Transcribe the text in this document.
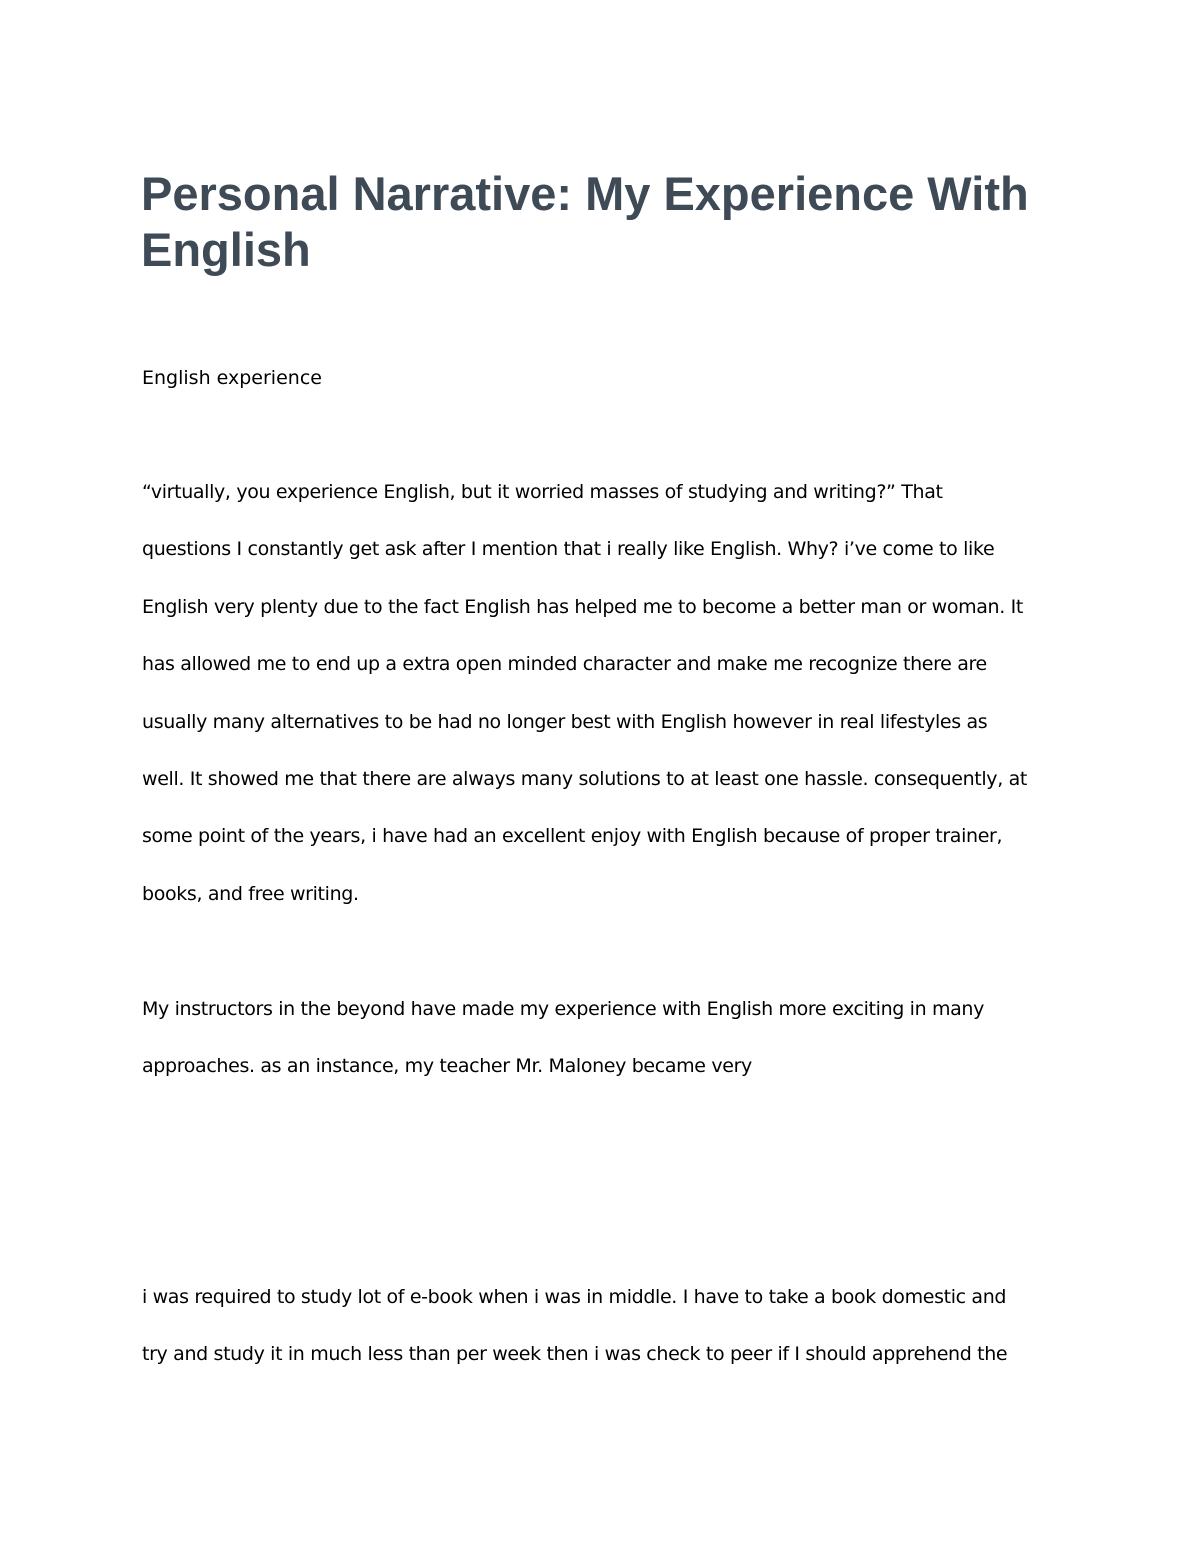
Personal Narrative: My Experience With English

English experience

“virtually, you experience English, but it worried masses of studying and writing?” That
questions I constantly get ask after I mention that i really like English. Why? i’ve come to like
English very plenty due to the fact English has helped me to become a better man or woman. It
has allowed me to end up a extra open minded character and make me recognize there are
usually many alternatives to be had no longer best with English however in real lifestyles as
well. It showed me that there are always many solutions to at least one hassle. consequently, at
some point of the years, i have had an excellent enjoy with English because of proper trainer,
books, and free writing.
My instructors in the beyond have made my experience with English more exciting in many
approaches. as an instance, my teacher Mr. Maloney became very
i was required to study lot of e-book when i was in middle. I have to take a book domestic and
try and study it in much less than per week then i was check to peer if I should apprehend the
